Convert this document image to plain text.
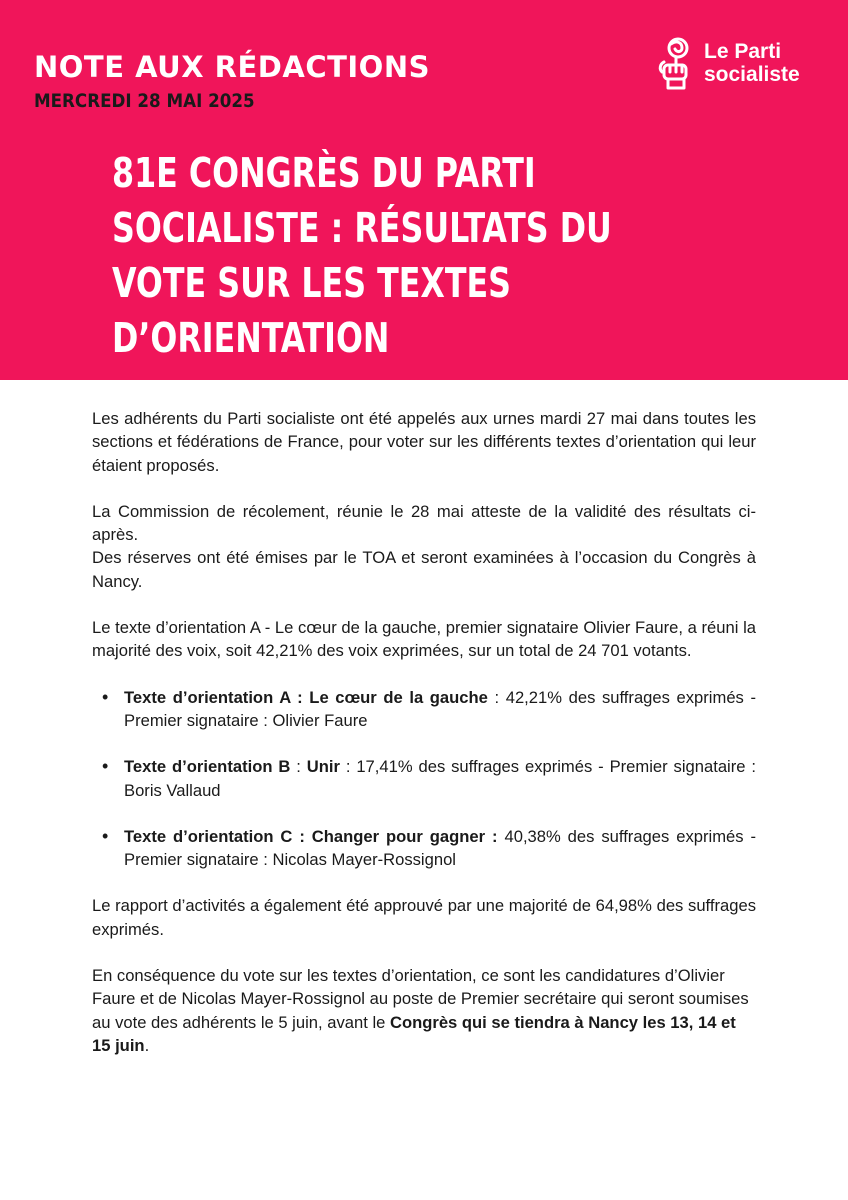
NOTE AUX RÉDACTIONS
MERCREDI 28 MAI 2025
Le Parti
socialiste
81E CONGRÈS DU PARTI SOCIALISTE : RÉSULTATS DU VOTE SUR LES TEXTES D’ORIENTATION

Les adhérents du Parti socialiste ont été appelés aux urnes mardi 27 mai dans toutes les sections et fédérations de France, pour voter sur les différents textes d’orientation qui leur étaient proposés.

La Commission de récolement, réunie le 28 mai atteste de la validité des résultats ci-après.
Des réserves ont été émises par le TOA et seront examinées à l’occasion du Congrès à Nancy.

Le texte d’orientation A - Le cœur de la gauche, premier signataire Olivier Faure, a réuni la majorité des voix, soit 42,21% des voix exprimées, sur un total de 24 701 votants.

• Texte d’orientation A : Le cœur de la gauche : 42,21% des suffrages exprimés - Premier signataire : Olivier Faure
• Texte d’orientation B : Unir : 17,41% des suffrages exprimés - Premier signataire : Boris Vallaud
• Texte d’orientation C : Changer pour gagner : 40,38% des suffrages exprimés - Premier signataire : Nicolas Mayer-Rossignol

Le rapport d’activités a également été approuvé par une majorité de 64,98% des suffrages exprimés.

En conséquence du vote sur les textes d’orientation, ce sont les candidatures d’Olivier Faure et de Nicolas Mayer-Rossignol au poste de Premier secrétaire qui seront soumises au vote des adhérents le 5 juin, avant le Congrès qui se tiendra à Nancy les 13, 14 et 15 juin.
